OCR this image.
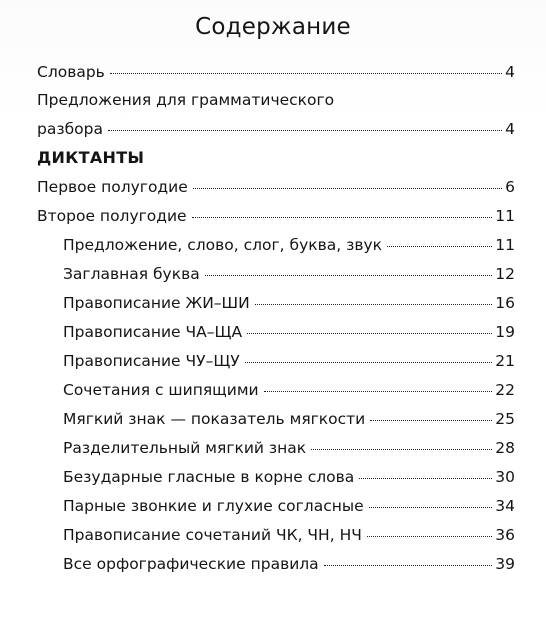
Содержание
Словарь	4
Предложения для грамматического
разбора	4
ДИКТАНТЫ
Первое полугодие	6
Второе полугодие	11
Предложение, слово, слог, буква, звук	11
Заглавная буква	12
Правописание ЖИ–ШИ	16
Правописание ЧА–ЩА	19
Правописание ЧУ–ЩУ	21
Сочетания с шипящими	22
Мягкий знак — показатель мягкости	25
Разделительный мягкий знак	28
Безударные гласные в корне слова	30
Парные звонкие и глухие согласные	34
Правописание сочетаний ЧК, ЧН, НЧ	36
Все орфографические правила	39
